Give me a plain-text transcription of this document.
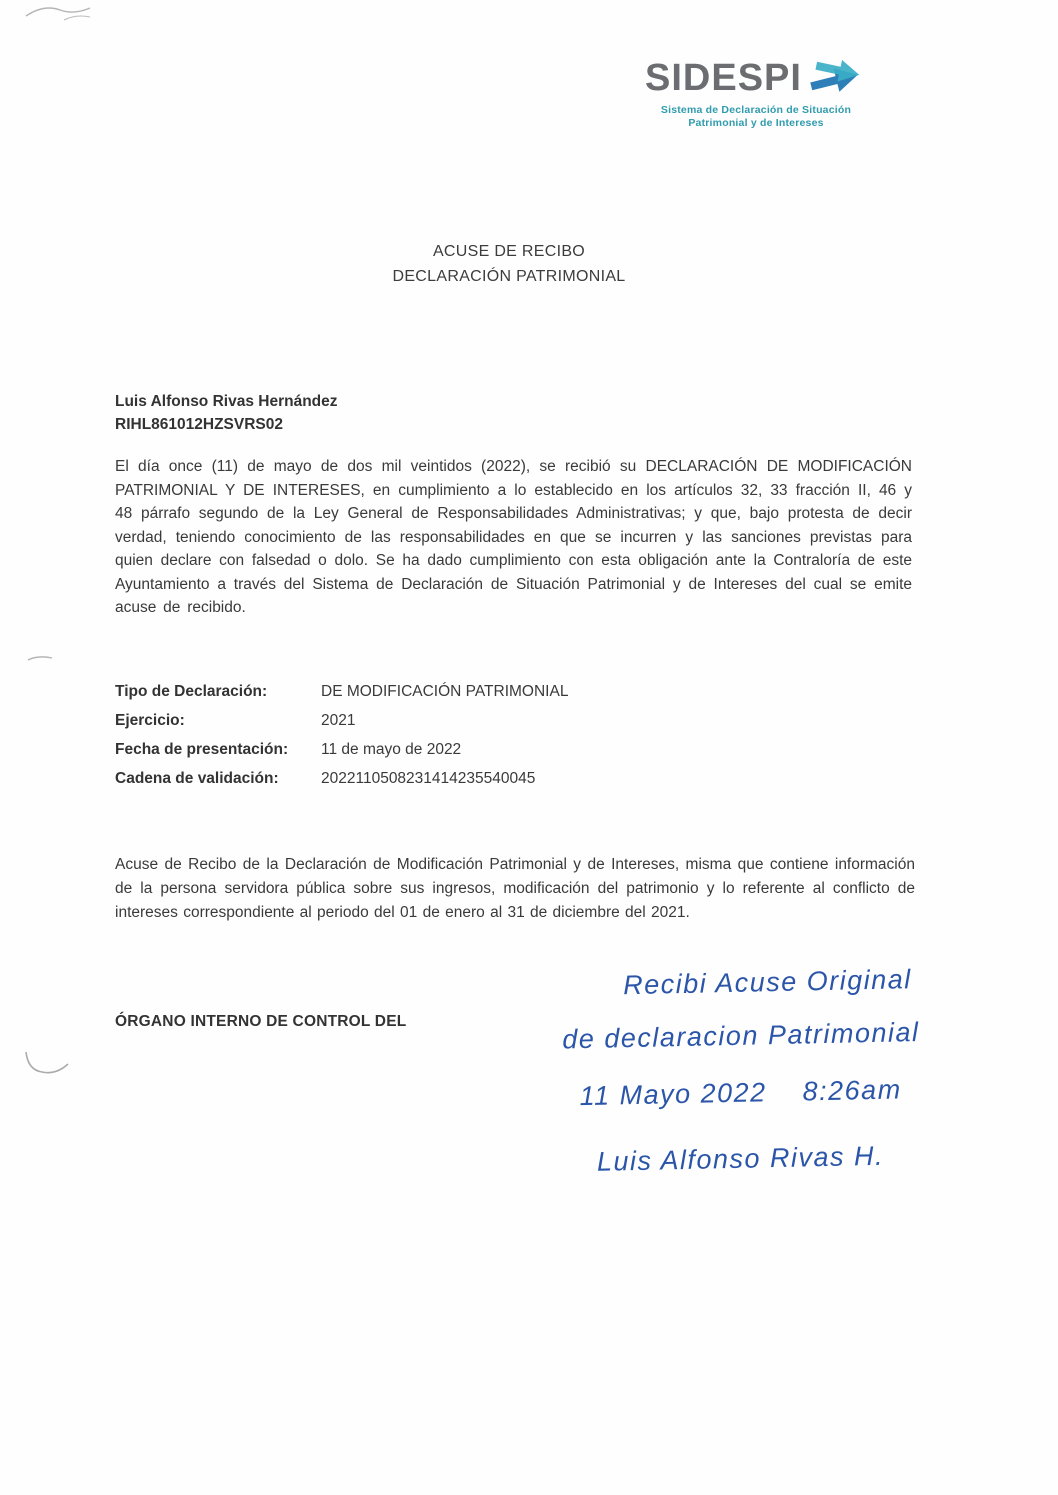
SIDESPI
Sistema de Declaración de Situación
Patrimonial y de Intereses
ACUSE DE RECIBO
DECLARACIÓN PATRIMONIAL
Luis Alfonso Rivas Hernández
RIHL861012HZSVRS02

El día once (11) de mayo de dos mil veintidos (2022), se recibió su DECLARACIÓN DE MODIFICACIÓN PATRIMONIAL Y DE INTERESES, en cumplimiento a lo establecido en los artículos 32, 33 fracción II, 46 y 48 párrafo segundo de la Ley General de Responsabilidades Administrativas; y que, bajo protesta de decir verdad, teniendo conocimiento de las responsabilidades en que se incurren y las sanciones previstas para quien declare con falsedad o dolo. Se ha dado cumplimiento con esta obligación ante la Contraloría de este Ayuntamiento a través del Sistema de Declaración de Situación Patrimonial y de Intereses del cual se emite acuse de recibido.

Tipo de Declaración:	DE MODIFICACIÓN PATRIMONIAL
Ejercicio:	2021
Fecha de presentación:	11 de mayo de 2022
Cadena de validación:	2022110508231414235540045

Acuse de Recibo de la Declaración de Modificación Patrimonial y de Intereses, misma que contiene información de la persona servidora pública sobre sus ingresos, modificación del patrimonio y lo referente al conflicto de intereses correspondiente al periodo del 01 de enero al 31 de diciembre del 2021.

ÓRGANO INTERNO DE CONTROL DEL
Recibi Acuse Original
de declaracion Patrimonial
11 Mayo 2022    8:26am
Luis Alfonso Rivas H.
